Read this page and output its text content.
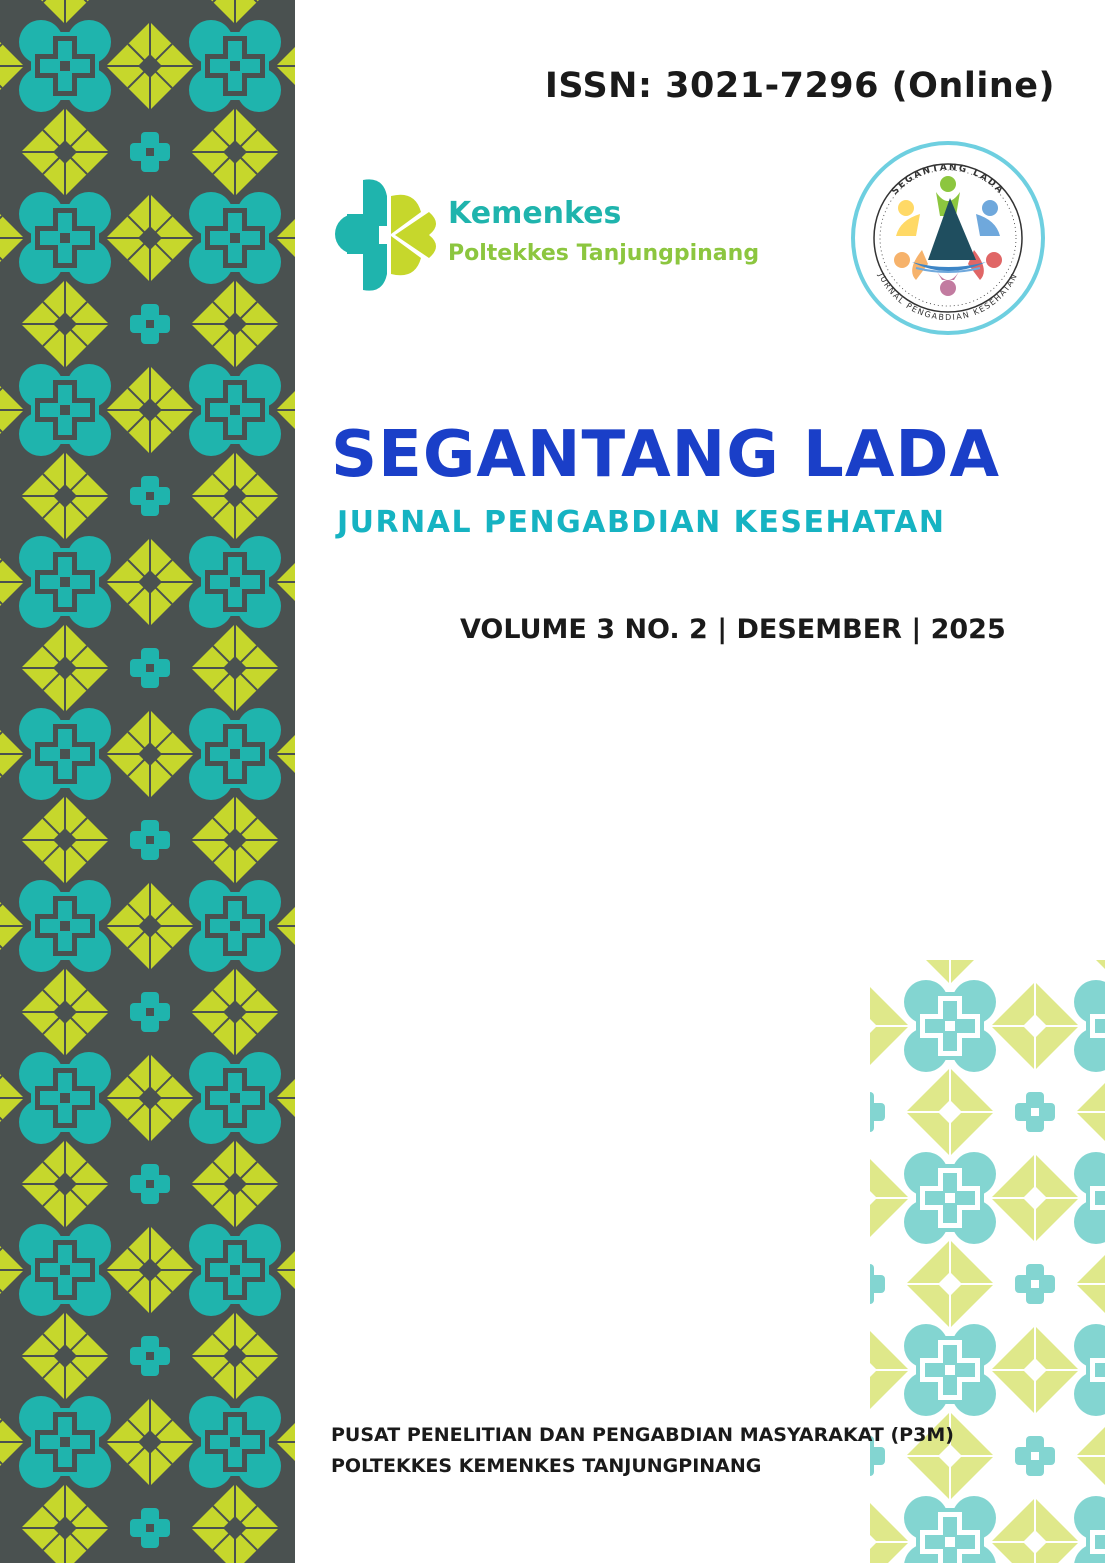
ISSN: 3021-7296 (Online)
Kemenkes
Poltekkes Tanjungpinang
SEGANTANG LADA
JURNAL PENGABDIAN KESEHATAN
SEGANTANG LADA
JURNAL PENGABDIAN KESEHATAN
VOLUME 3 NO. 2 | DESEMBER | 2025
PUSAT PENELITIAN DAN PENGABDIAN MASYARAKAT (P3M)
POLTEKKES KEMENKES TANJUNGPINANG
